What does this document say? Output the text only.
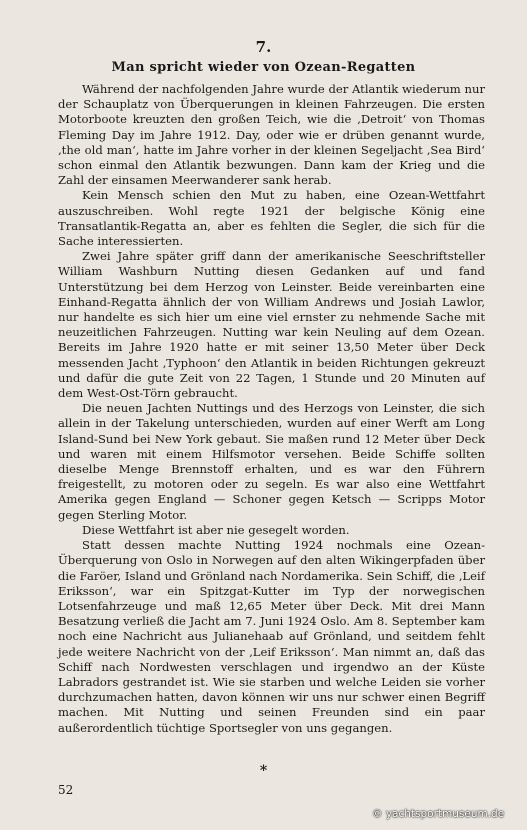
7.
Man spricht wieder von Ozean-Regatten

Während der nachfolgenden Jahre wurde der Atlantik wiederum nur der Schauplatz von Überquerungen in kleinen Fahrzeugen. Die ersten Motorboote kreuzten den großen Teich, wie die ‚Detroit‘ von Thomas Fleming Day im Jahre 1912. Day, oder wie er drüben genannt wurde, ‚the old man‘, hatte im Jahre vorher in der kleinen Segeljacht ‚Sea Bird‘ schon einmal den Atlantik bezwungen. Dann kam der Krieg und die Zahl der einsamen Meerwanderer sank herab.

Kein Mensch schien den Mut zu haben, eine Ozean-Wettfahrt auszuschreiben. Wohl regte 1921 der belgische König eine Transatlantik-Regatta an, aber es fehlten die Segler, die sich für die Sache interessierten.

Zwei Jahre später griff dann der amerikanische Seeschriftsteller William Washburn Nutting diesen Gedanken auf und fand Unterstützung bei dem Herzog von Leinster. Beide vereinbarten eine Einhand-Regatta ähnlich der von William Andrews und Josiah Lawlor, nur handelte es sich hier um eine viel ernster zu nehmende Sache mit neuzeitlichen Fahrzeugen. Nutting war kein Neuling auf dem Ozean. Bereits im Jahre 1920 hatte er mit seiner 13,50 Meter über Deck messenden Jacht ‚Typhoon‘ den Atlantik in beiden Richtungen gekreuzt und dafür die gute Zeit von 22 Tagen, 1 Stunde und 20 Minuten auf dem West-Ost-Törn gebraucht.

Die neuen Jachten Nuttings und des Herzogs von Leinster, die sich allein in der Takelung unterschieden, wurden auf einer Werft am Long Island-Sund bei New York gebaut. Sie maßen rund 12 Meter über Deck und waren mit einem Hilfsmotor versehen. Beide Schiffe sollten dieselbe Menge Brennstoff erhalten, und es war den Führern freigestellt, zu motoren oder zu segeln. Es war also eine Wettfahrt Amerika gegen England — Schoner gegen Ketsch — Scripps Motor gegen Sterling Motor.

Diese Wettfahrt ist aber nie gesegelt worden.

Statt dessen machte Nutting 1924 nochmals eine Ozean-Überquerung von Oslo in Norwegen auf den alten Wikingerpfaden über die Faröer, Island und Grönland nach Nordamerika. Sein Schiff, die ‚Leif Eriksson‘, war ein Spitzgat-Kutter im Typ der norwegischen Lotsenfahrzeuge und maß 12,65 Meter über Deck. Mit drei Mann Besatzung verließ die Jacht am 7. Juni 1924 Oslo. Am 8. September kam noch eine Nachricht aus Julianehaab auf Grönland, und seitdem fehlt jede weitere Nachricht von der ‚Leif Eriksson‘. Man nimmt an, daß das Schiff nach Nordwesten verschlagen und irgendwo an der Küste Labradors gestrandet ist. Wie sie starben und welche Leiden sie vorher durchzumachen hatten, davon können wir uns nur schwer einen Begriff machen. Mit Nutting und seinen Freunden sind ein paar außerordentlich tüchtige Sportsegler von uns gegangen.

*
52
© yachtsportmuseum.de
